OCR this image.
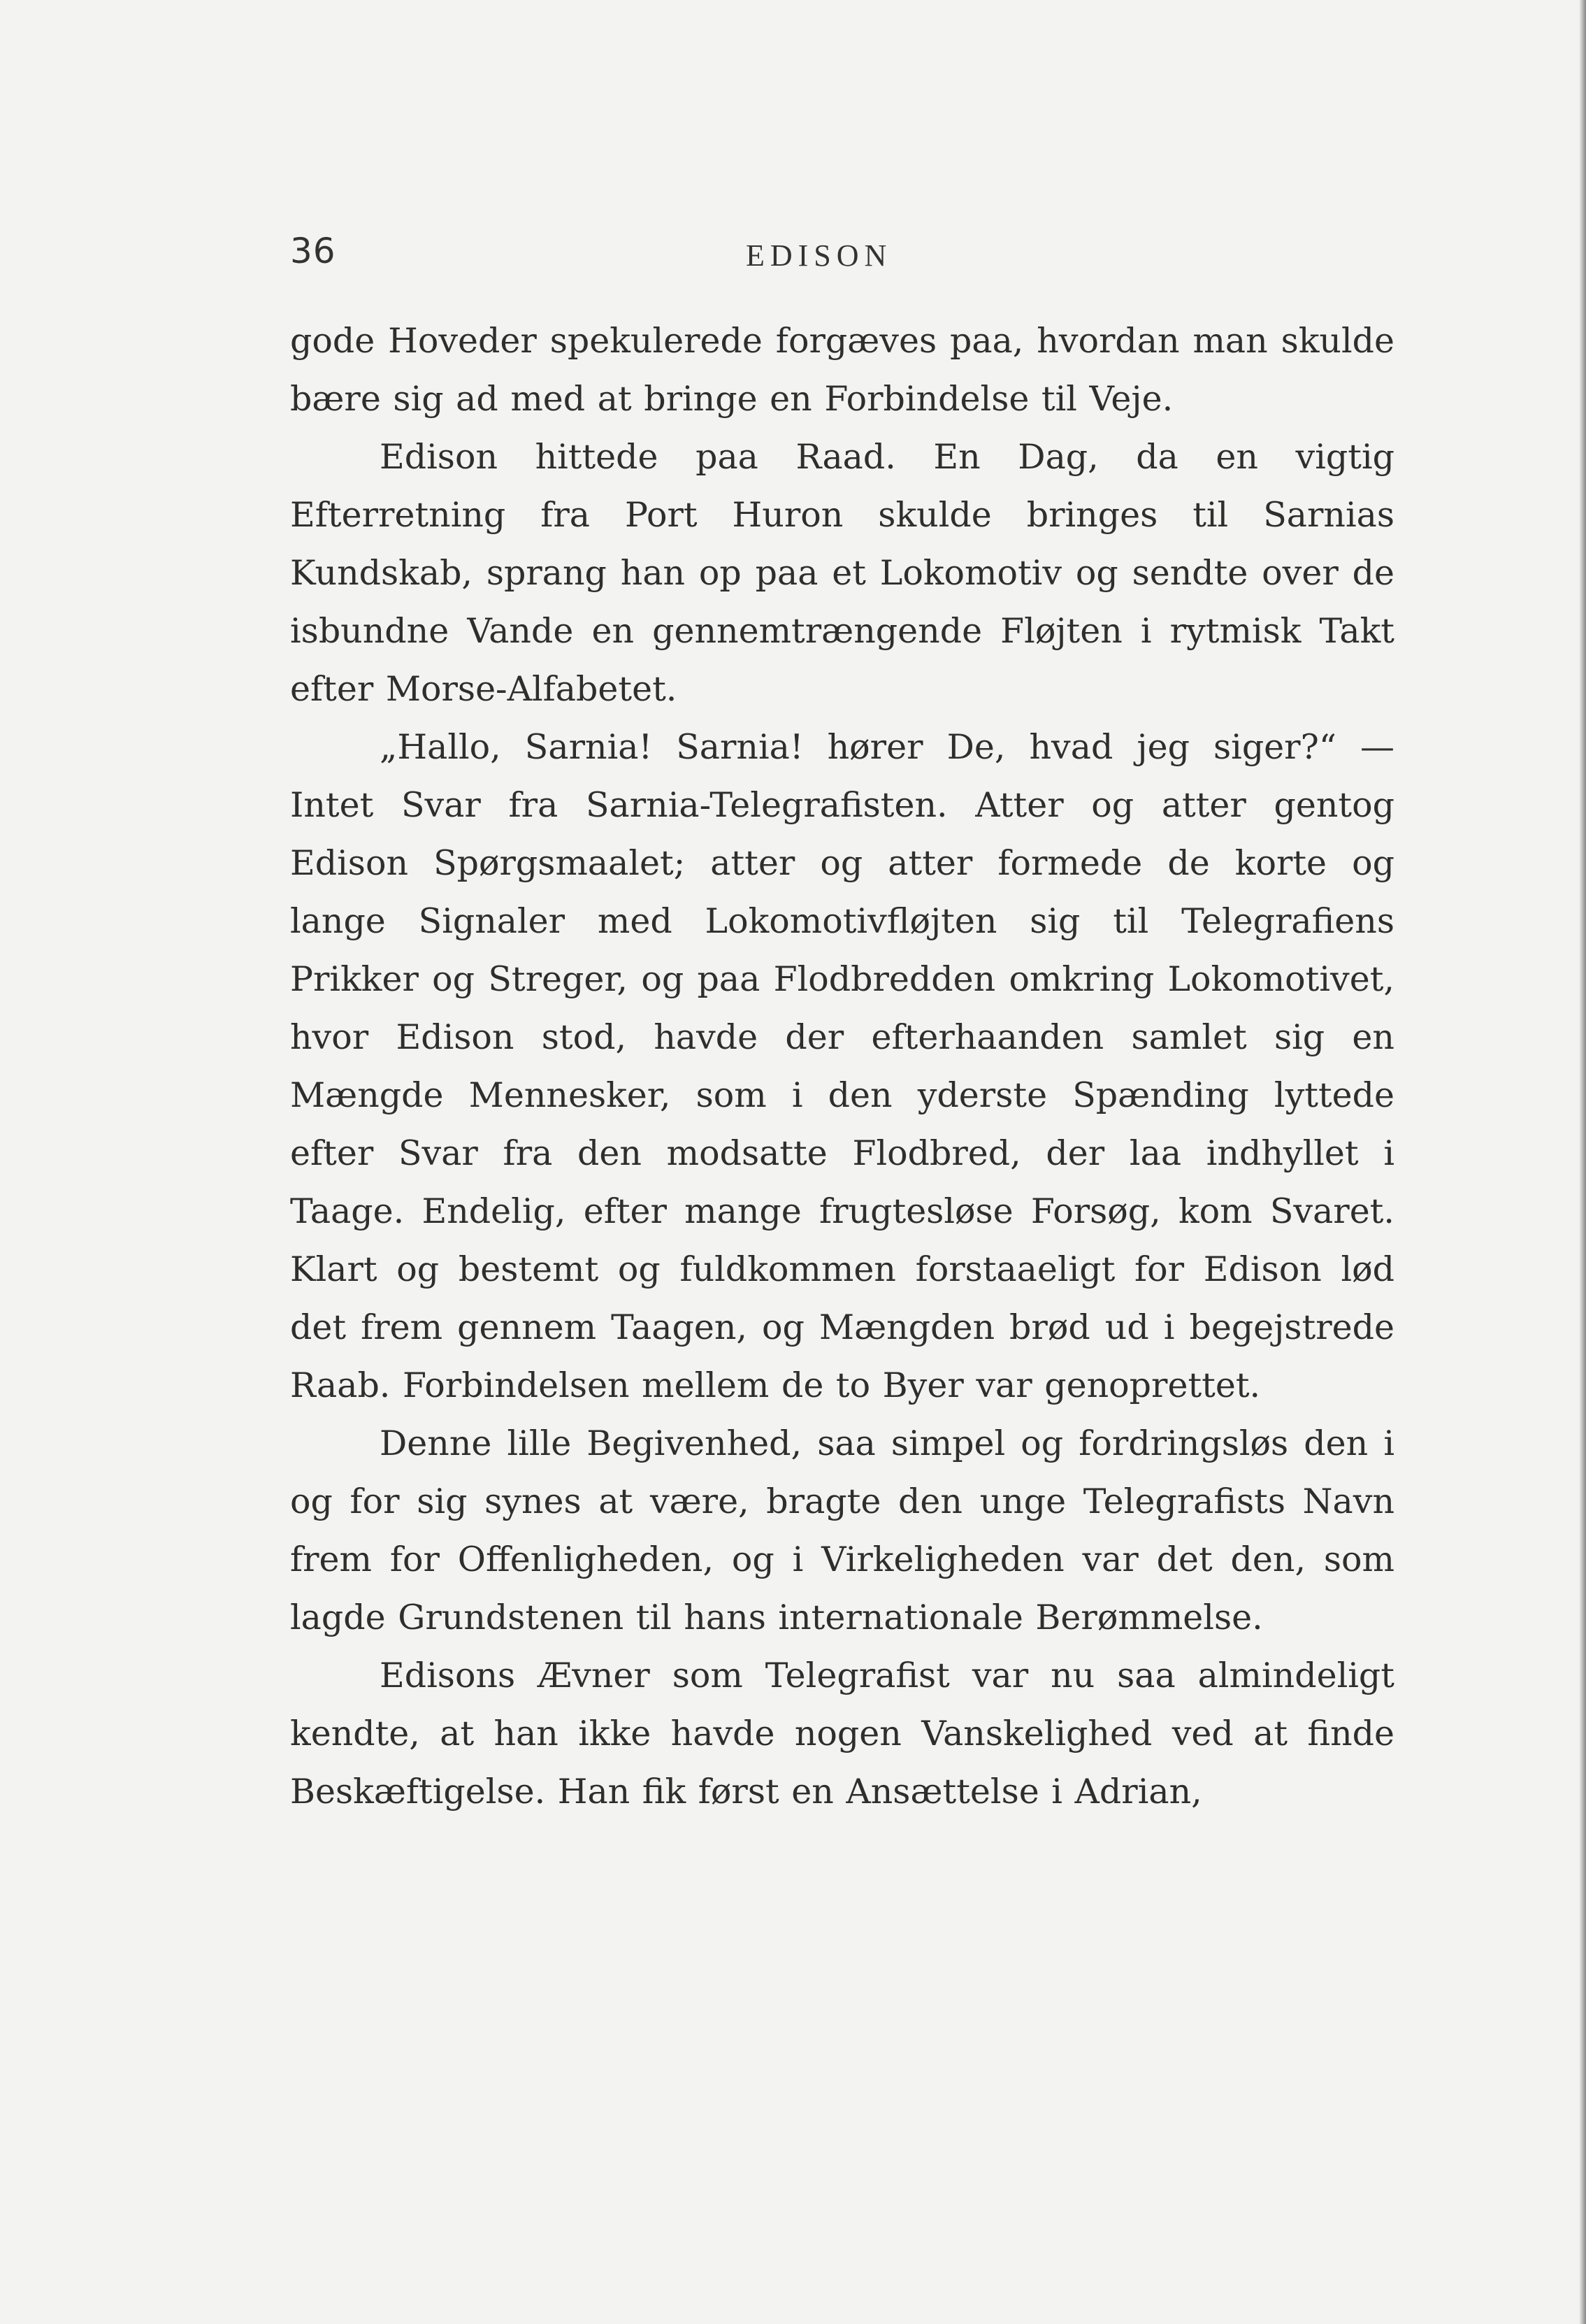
36	EDISON

gode Hoveder spekulerede forgæves paa, hvordan man skulde bære sig ad med at bringe en Forbindelse til Veje.

Edison hittede paa Raad. En Dag, da en vigtig Efterretning fra Port Huron skulde bringes til Sarnias Kundskab, sprang han op paa et Lokomotiv og sendte over de isbundne Vande en gennemtrængende Fløjten i rytmisk Takt efter Morse-Alfabetet.

„Hallo, Sarnia! Sarnia! hører De, hvad jeg siger?“ — Intet Svar fra Sarnia-Telegrafisten. Atter og atter gentog Edison Spørgsmaalet; atter og atter formede de korte og lange Signaler med Lokomotivfløjten sig til Telegrafiens Prikker og Streger, og paa Flodbredden omkring Lokomotivet, hvor Edison stod, havde der efterhaanden samlet sig en Mængde Mennesker, som i den yderste Spænding lyttede efter Svar fra den modsatte Flodbred, der laa indhyllet i Taage. Endelig, efter mange frugtesløse Forsøg, kom Svaret. Klart og bestemt og fuldkommen forstaaeligt for Edison lød det frem gennem Taagen, og Mængden brød ud i begejstrede Raab. Forbindelsen mellem de to Byer var genoprettet.

Denne lille Begivenhed, saa simpel og fordringsløs den i og for sig synes at være, bragte den unge Telegrafists Navn frem for Offenligheden, og i Virkeligheden var det den, som lagde Grundstenen til hans internationale Berømmelse.

Edisons Ævner som Telegrafist var nu saa almindeligt kendte, at han ikke havde nogen Vanskelighed ved at finde Beskæftigelse. Han fik først en Ansættelse i Adrian,
